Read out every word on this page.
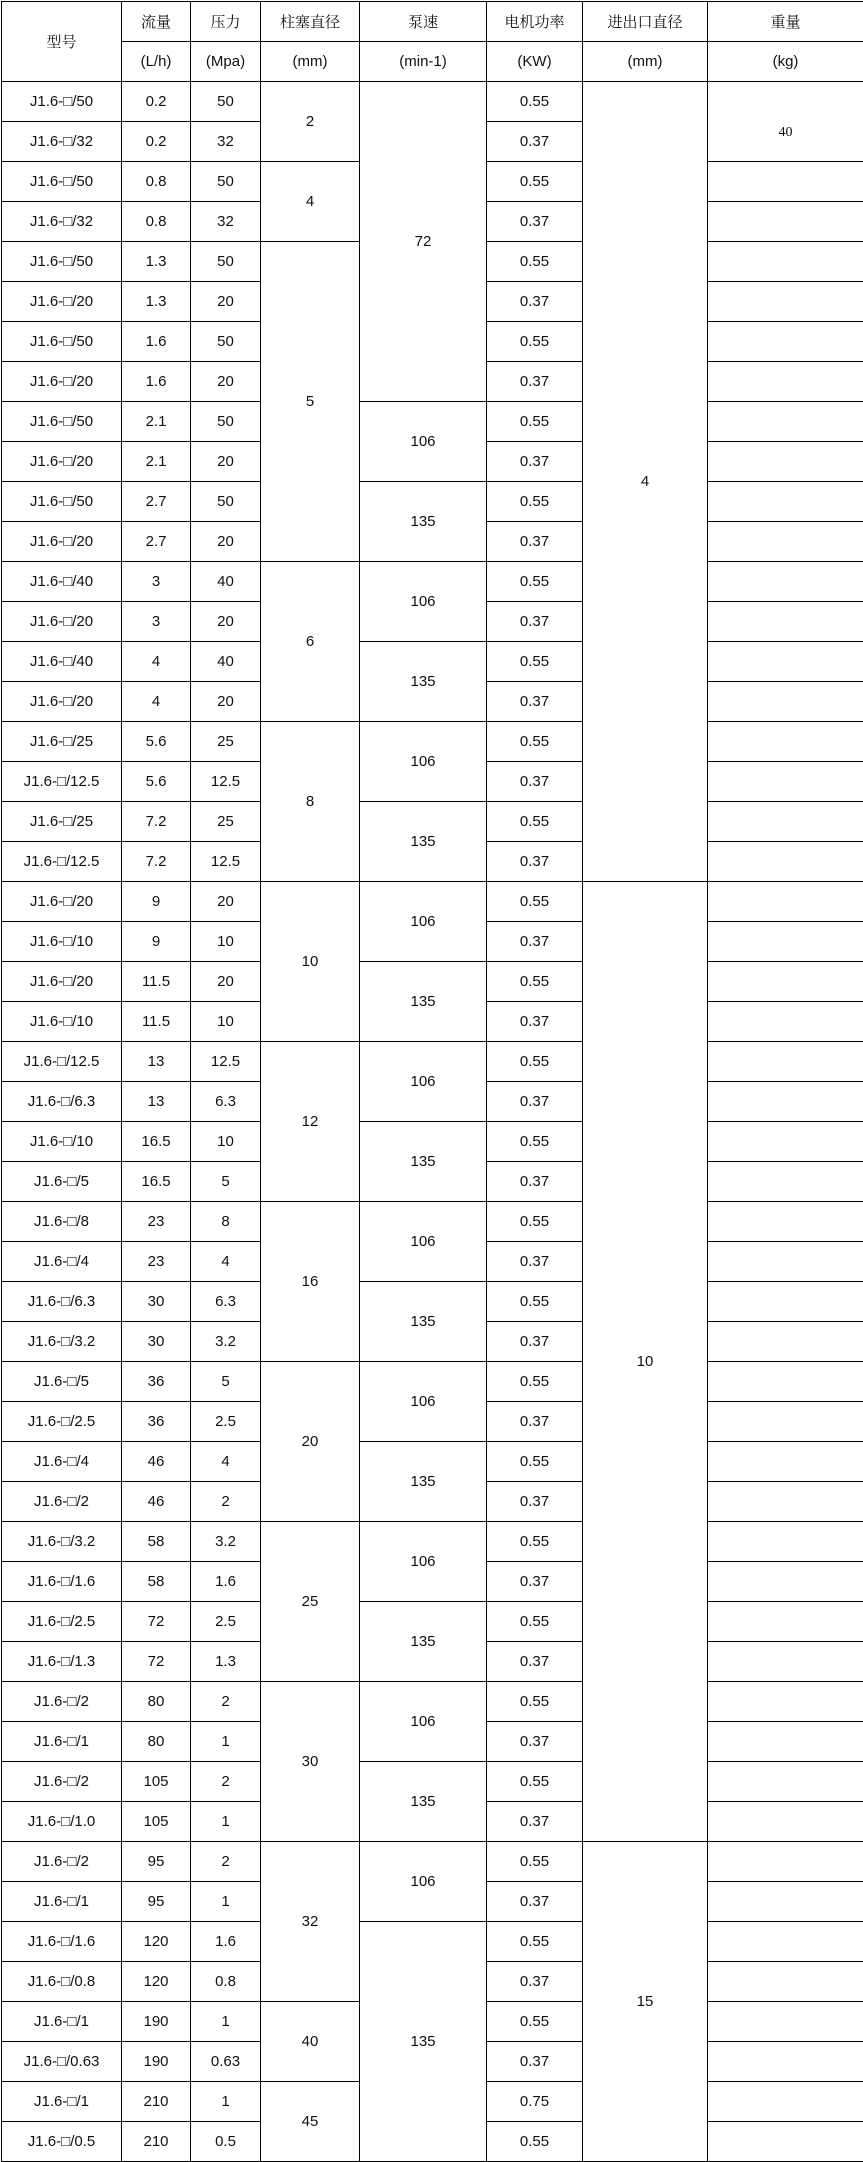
型号	流量	压力	柱塞直径	泵速	电机功率	进出口直径	重量
	(L/h)	(Mpa)	(mm)	(min-1)	(KW)	(mm)	(kg)
J1.6-□/50	0.2	50	2	72	0.55	4	40
J1.6-□/32	0.2	32			0.37		
J1.6-□/50	0.8	50	4		0.55		
J1.6-□/32	0.8	32			0.37		
J1.6-□/50	1.3	50	5		0.55		
J1.6-□/20	1.3	20			0.37		
J1.6-□/50	1.6	50			0.55		
J1.6-□/20	1.6	20			0.37		
J1.6-□/50	2.1	50		106	0.55		
J1.6-□/20	2.1	20			0.37		
J1.6-□/50	2.7	50		135	0.55		
J1.6-□/20	2.7	20			0.37		
J1.6-□/40	3	40	6	106	0.55		
J1.6-□/20	3	20			0.37		
J1.6-□/40	4	40		135	0.55		
J1.6-□/20	4	20			0.37		
J1.6-□/25	5.6	25	8	106	0.55		
J1.6-□/12.5	5.6	12.5			0.37		
J1.6-□/25	7.2	25		135	0.55		
J1.6-□/12.5	7.2	12.5			0.37		
J1.6-□/20	9	20	10	106	0.55	10	
J1.6-□/10	9	10			0.37		
J1.6-□/20	11.5	20		135	0.55		
J1.6-□/10	11.5	10			0.37		
J1.6-□/12.5	13	12.5	12	106	0.55		
J1.6-□/6.3	13	6.3			0.37		
J1.6-□/10	16.5	10		135	0.55		
J1.6-□/5	16.5	5			0.37		
J1.6-□/8	23	8	16	106	0.55		
J1.6-□/4	23	4			0.37		
J1.6-□/6.3	30	6.3		135	0.55		
J1.6-□/3.2	30	3.2			0.37		
J1.6-□/5	36	5	20	106	0.55		
J1.6-□/2.5	36	2.5			0.37		
J1.6-□/4	46	4		135	0.55		
J1.6-□/2	46	2			0.37		
J1.6-□/3.2	58	3.2	25	106	0.55		
J1.6-□/1.6	58	1.6			0.37		
J1.6-□/2.5	72	2.5		135	0.55		
J1.6-□/1.3	72	1.3			0.37		
J1.6-□/2	80	2	30	106	0.55		
J1.6-□/1	80	1			0.37		
J1.6-□/2	105	2		135	0.55		
J1.6-□/1.0	105	1			0.37		
J1.6-□/2	95	2	32	106	0.55	15	
J1.6-□/1	95	1			0.37		
J1.6-□/1.6	120	1.6		135	0.55		
J1.6-□/0.8	120	0.8			0.37		
J1.6-□/1	190	1	40		0.55		
J1.6-□/0.63	190	0.63			0.37		
J1.6-□/1	210	1	45		0.75		
J1.6-□/0.5	210	0.5			0.55		
